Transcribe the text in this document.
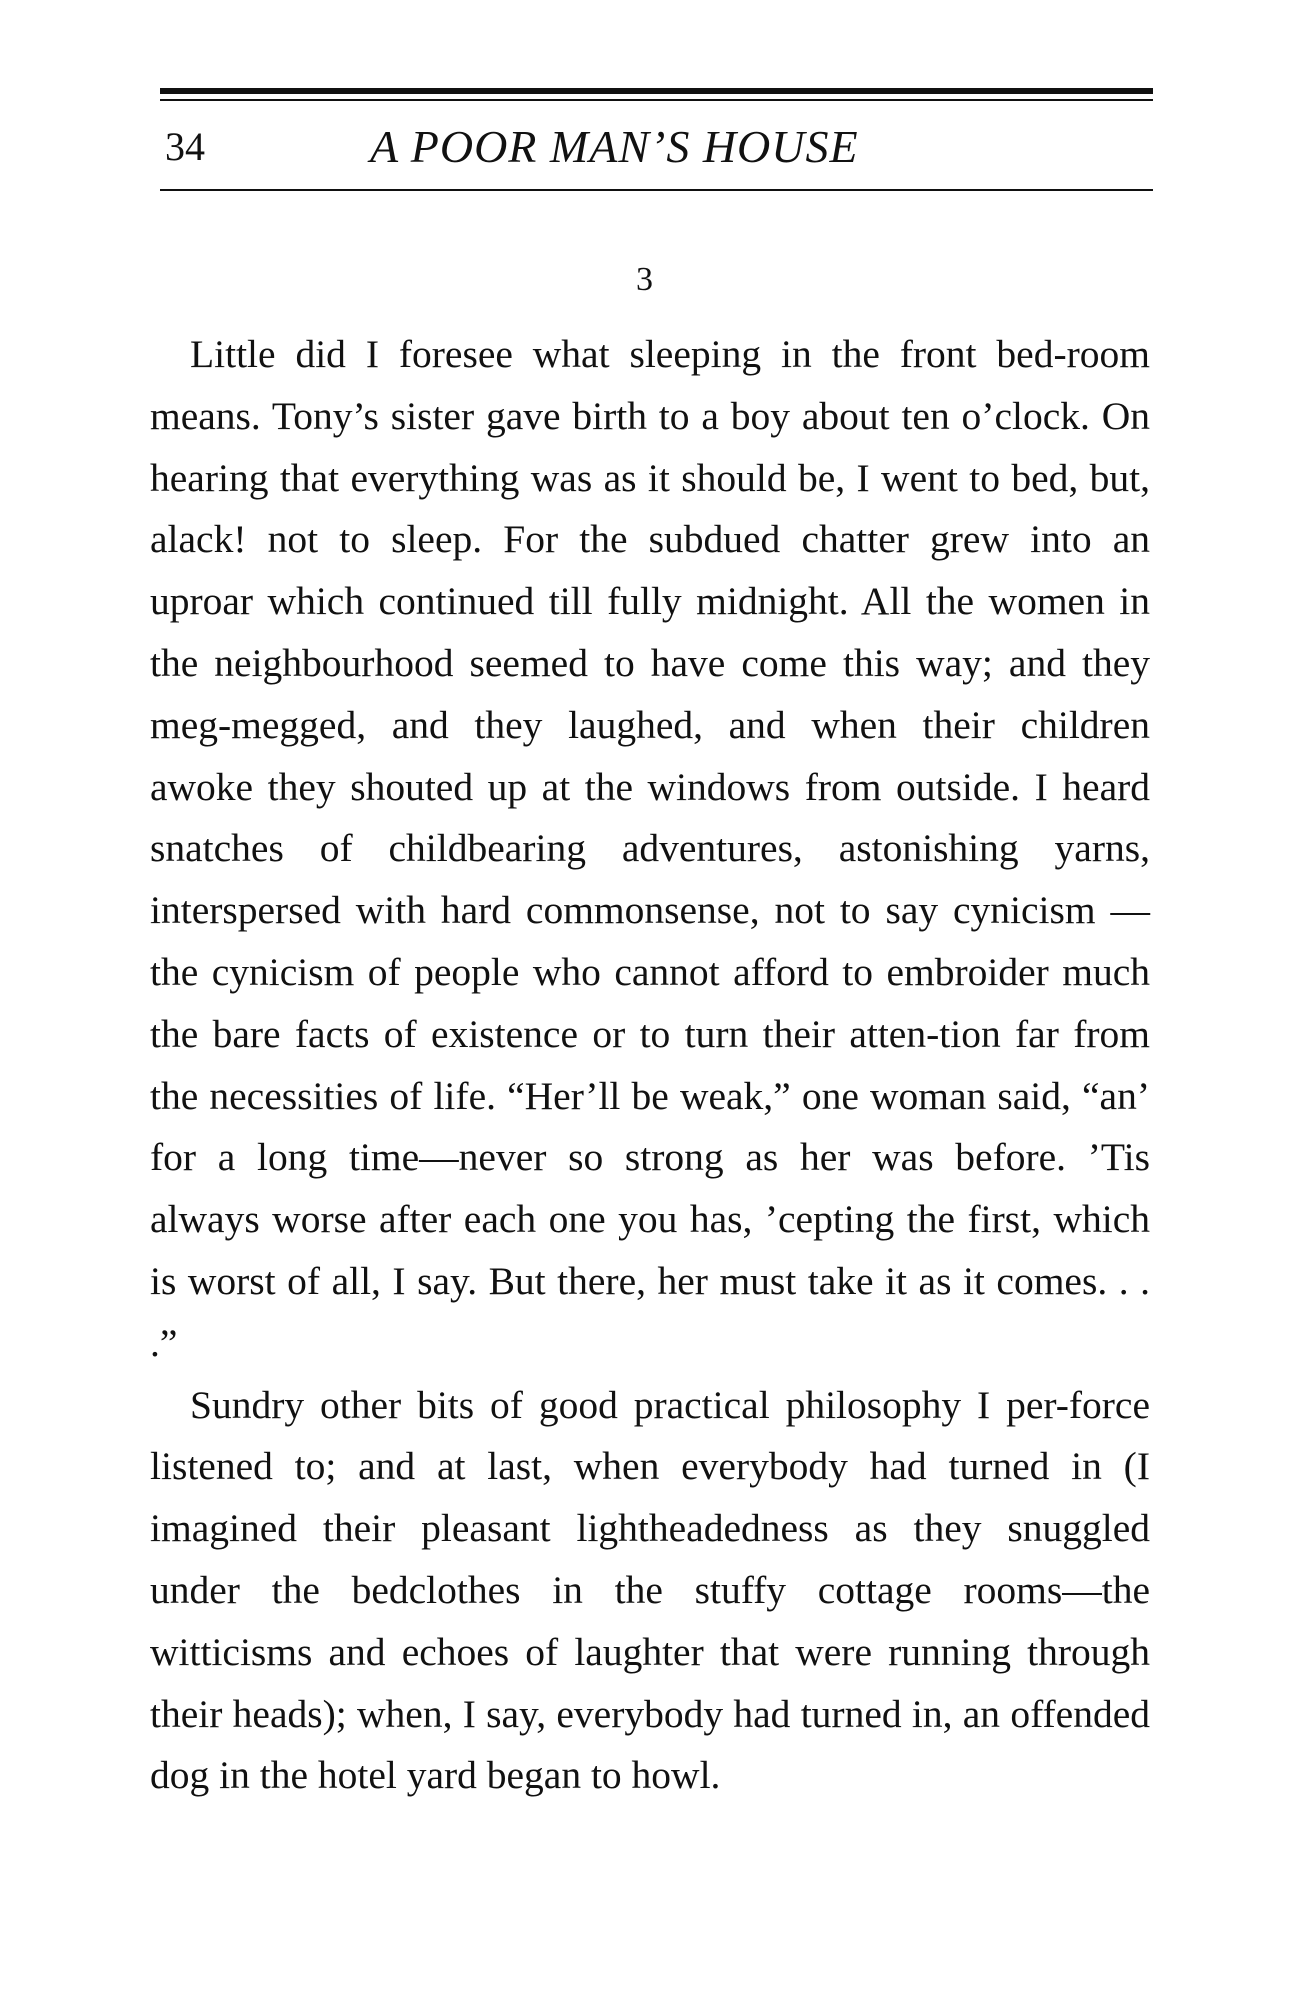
34	A POOR MAN’S HOUSE
3

Little did I foresee what sleeping in the front bed-room means. Tony’s sister gave birth to a boy about ten o’clock. On hearing that everything was as it should be, I went to bed, but, alack! not to sleep. For the subdued chatter grew into an uproar which continued till fully midnight. All the women in the neighbourhood seemed to have come this way; and they meg-megged, and they laughed, and when their children awoke they shouted up at the windows from outside. I heard snatches of childbearing adventures, astonishing yarns, interspersed with hard commonsense, not to say cynicism —the cynicism of people who cannot afford to embroider much the bare facts of existence or to turn their atten-tion far from the necessities of life. “Her’ll be weak,” one woman said, “an’ for a long time—never so strong as her was before. ’Tis always worse after each one you has, ’cepting the first, which is worst of all, I say. But there, her must take it as it comes. . . .”

Sundry other bits of good practical philosophy I per-force listened to; and at last, when everybody had turned in (I imagined their pleasant lightheadedness as they snuggled under the bedclothes in the stuffy cottage rooms—the witticisms and echoes of laughter that were running through their heads); when, I say, everybody had turned in, an offended dog in the hotel yard began to howl.
